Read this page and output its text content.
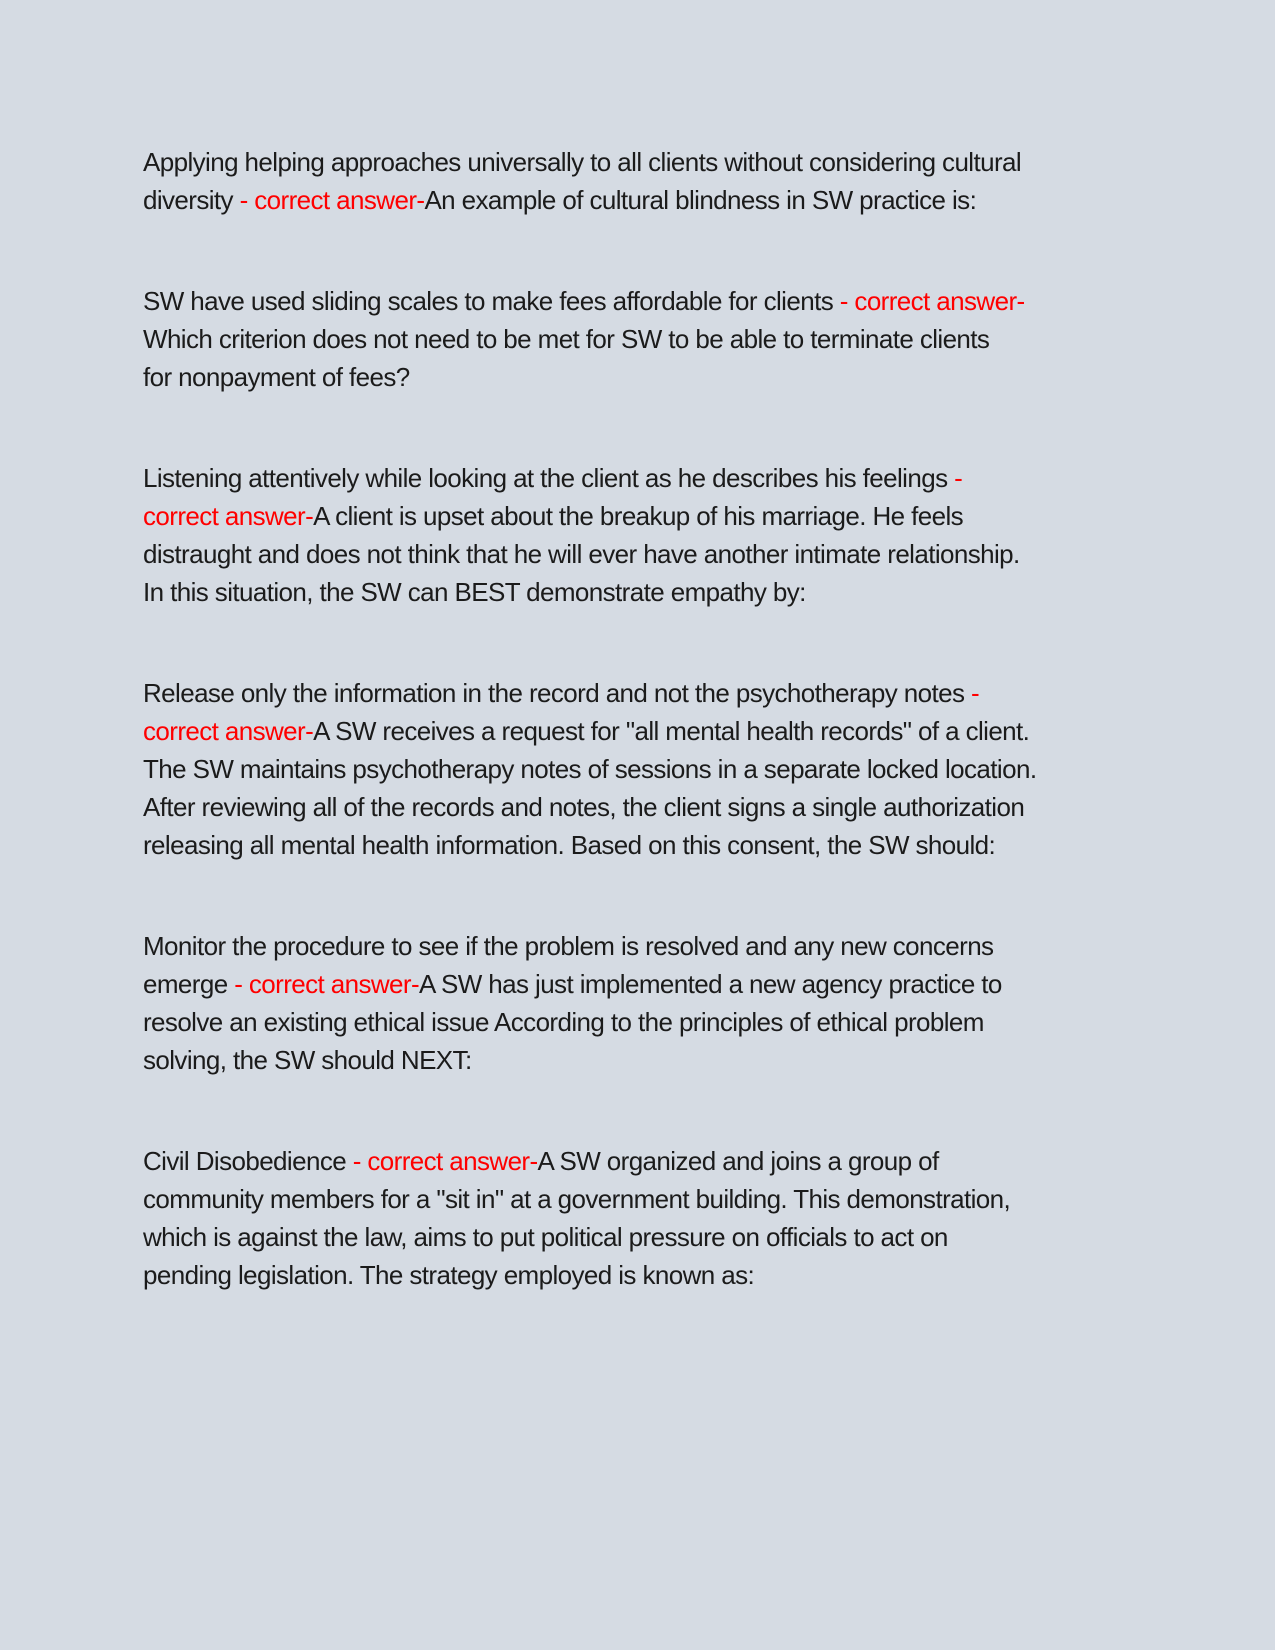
Applying helping approaches universally to all clients without considering cultural
diversity - correct answer-An example of cultural blindness in SW practice is:
SW have used sliding scales to make fees affordable for clients - correct answer-
Which criterion does not need to be met for SW to be able to terminate clients
for nonpayment of fees?
Listening attentively while looking at the client as he describes his feelings -
correct answer-A client is upset about the breakup of his marriage. He feels
distraught and does not think that he will ever have another intimate relationship.
In this situation, the SW can BEST demonstrate empathy by:
Release only the information in the record and not the psychotherapy notes -
correct answer-A SW receives a request for "all mental health records" of a client.
The SW maintains psychotherapy notes of sessions in a separate locked location.
After reviewing all of the records and notes, the client signs a single authorization
releasing all mental health information. Based on this consent, the SW should:
Monitor the procedure to see if the problem is resolved and any new concerns
emerge - correct answer-A SW has just implemented a new agency practice to
resolve an existing ethical issue According to the principles of ethical problem
solving, the SW should NEXT:
Civil Disobedience - correct answer-A SW organized and joins a group of
community members for a "sit in" at a government building. This demonstration,
which is against the law, aims to put political pressure on officials to act on
pending legislation. The strategy employed is known as:
